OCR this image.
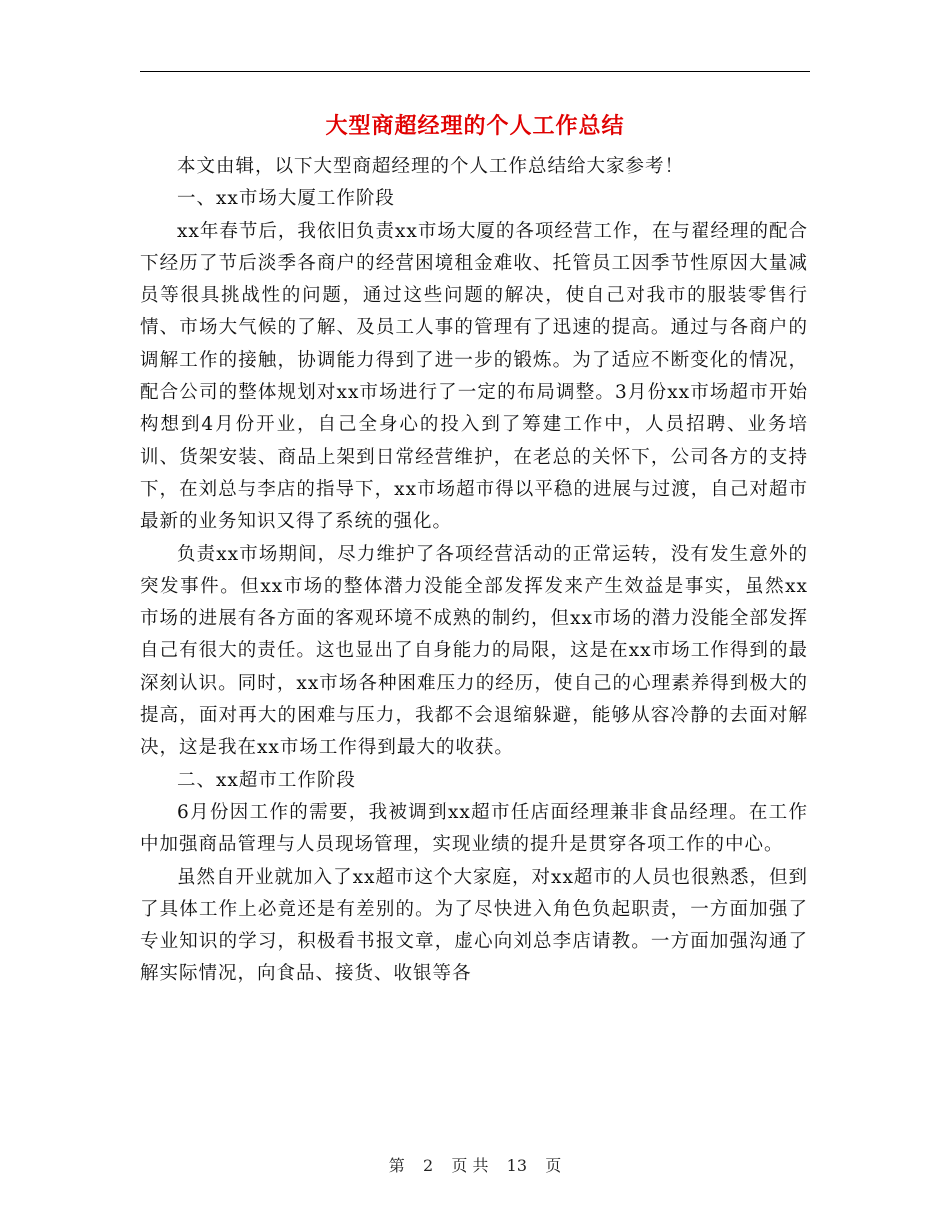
大型商超经理的个人工作总结

本文由辑，以下大型商超经理的个人工作总结给大家参考！

一、xx市场大厦工作阶段

xx年春节后，我依旧负责xx市场大厦的各项经营工作，在与翟经理的配合下经历了节后淡季各商户的经营困境租金难收、托管员工因季节性原因大量减员等很具挑战性的问题，通过这些问题的解决，使自己对我市的服装零售行情、市场大气候的了解、及员工人事的管理有了迅速的提高。通过与各商户的调解工作的接触，协调能力得到了进一步的锻炼。为了适应不断变化的情况，配合公司的整体规划对xx市场进行了一定的布局调整。3月份xx市场超市开始构想到4月份开业，自己全身心的投入到了筹建工作中，人员招聘、业务培训、货架安装、商品上架到日常经营维护，在老总的关怀下，公司各方的支持下，在刘总与李店的指导下，xx市场超市得以平稳的进展与过渡，自己对超市最新的业务知识又得了系统的强化。

负责xx市场期间，尽力维护了各项经营活动的正常运转，没有发生意外的突发事件。但xx市场的整体潜力没能全部发挥发来产生效益是事实，虽然xx市场的进展有各方面的客观环境不成熟的制约，但xx市场的潜力没能全部发挥自己有很大的责任。这也显出了自身能力的局限，这是在xx市场工作得到的最深刻认识。同时，xx市场各种困难压力的经历，使自己的心理素养得到极大的提高，面对再大的困难与压力，我都不会退缩躲避，能够从容冷静的去面对解决，这是我在xx市场工作得到最大的收获。

二、xx超市工作阶段

6月份因工作的需要，我被调到xx超市任店面经理兼非食品经理。在工作中加强商品管理与人员现场管理，实现业绩的提升是贯穿各项工作的中心。

虽然自开业就加入了xx超市这个大家庭，对xx超市的人员也很熟悉，但到了具体工作上必竟还是有差别的。为了尽快进入角色负起职责，一方面加强了专业知识的学习，积极看书报文章，虚心向刘总李店请教。一方面加强沟通了解实际情况，向食品、接货、收银等各

第 2 页 共 13 页
